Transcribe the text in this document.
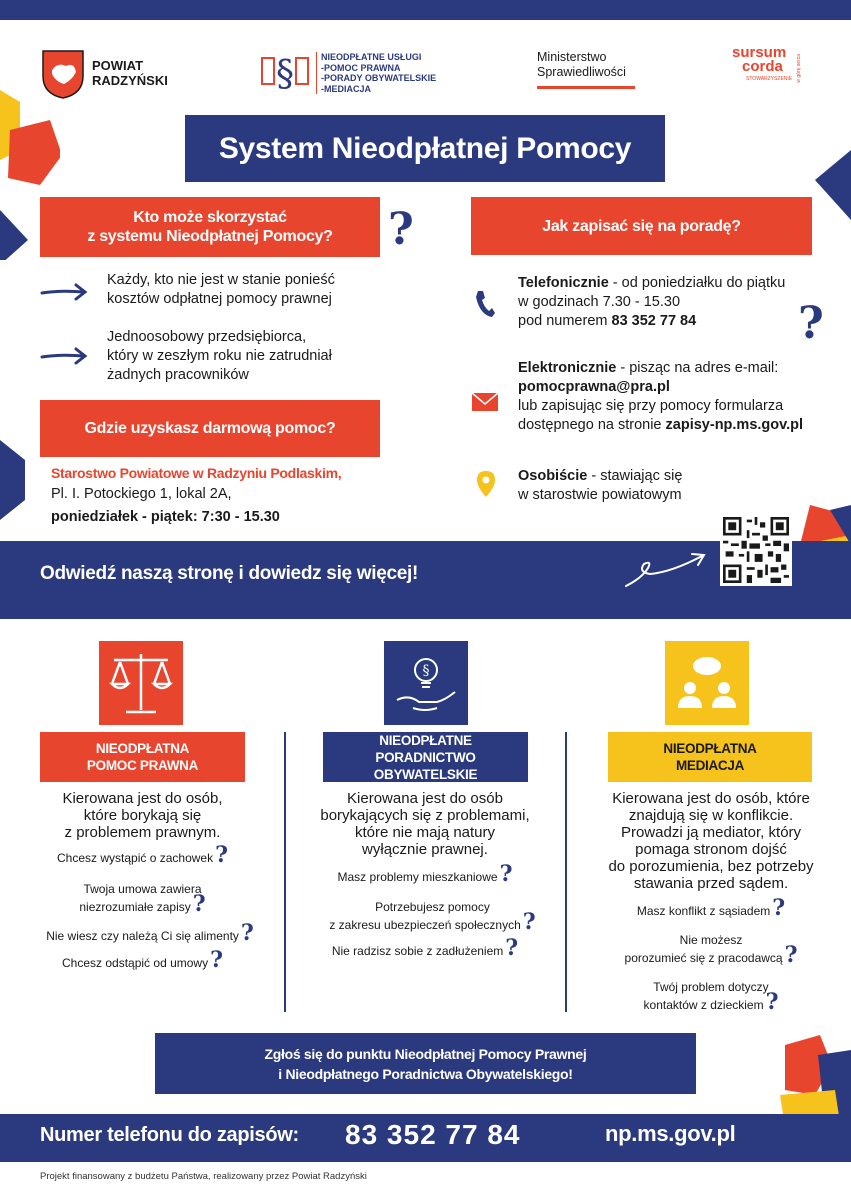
POWIAT
RADZYŃSKI	§	NIEODPŁATNE USŁUGI
-POMOC PRAWNA
-PORADY OBYWATELSKIE
-MEDIACJA
Ministerstwo
Sprawiedliwości
sursum
corda
STOWARZYSZENIE w górę serca
System Nieodpłatnej Pomocy
Kto może skorzystać
z systemu Nieodpłatnej Pomocy? ?
Każdy, kto nie jest w stanie ponieść
kosztów odpłatnej pomocy prawnej
Jednoosobowy przedsiębiorca,
który w zeszłym roku nie zatrudniał
żadnych pracowników
Gdzie uzyskasz darmową pomoc?
Starostwo Powiatowe w Radzyniu Podlaskim,
Pl. I. Potockiego 1, lokal 2A,
poniedziałek - piątek: 7:30 - 15.30
Jak zapisać się na poradę?
Telefonicznie - od poniedziałku do piątku
w godzinach 7.30 - 15.30
pod numerem 83 352 77 84	?
Elektronicznie - pisząc na adres e-mail:
pomocprawna@pra.pl
lub zapisując się przy pomocy formularza
dostępnego na stronie zapisy-np.ms.gov.pl
Osobiście - stawiając się
w starostwie powiatowym
Odwiedź naszą stronę i dowiedz się więcej!
NIEODPŁATNA
POMOC PRAWNA
Kierowana jest do osób,
które borykają się
z problemem prawnym.
Chcesz wystąpić o zachowek?
Twoja umowa zawiera
niezrozumiałe zapisy?
Nie wiesz czy należą Ci się alimenty?
Chcesz odstąpić od umowy?
§
NIEODPŁATNE
PORADNICTWO OBYWATELSKIE
Kierowana jest do osób
borykających się z problemami,
które nie mają natury
wyłącznie prawnej.
Masz problemy mieszkaniowe?
Potrzebujesz pomocy
z zakresu ubezpieczeń społecznych?
Nie radzisz sobie z zadłużeniem?
NIEODPŁATNA
MEDIACJA
Kierowana jest do osób, które
znajdują się w konflikcie.
Prowadzi ją mediator, który
pomaga stronom dojść
do porozumienia, bez potrzeby
stawania przed sądem.
Masz konflikt z sąsiadem?
Nie możesz
porozumieć się z pracodawcą?
Twój problem dotyczy
kontaktów z dzieckiem?
Zgłoś się do punktu Nieodpłatnej Pomocy Prawnej
i Nieodpłatnego Poradnictwa Obywatelskiego!
Numer telefonu do zapisów: 83 352 77 84	np.ms.gov.pl
Projekt finansowany z budżetu Państwa, realizowany przez Powiat Radzyński
